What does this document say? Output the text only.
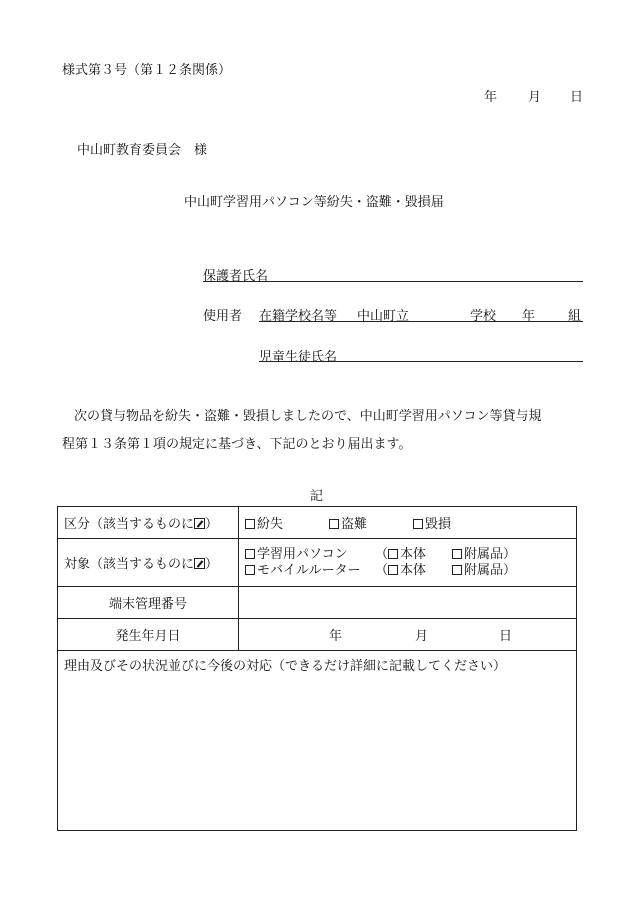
様式第３号（第１２条関係）
年 月 日
中山町教育委員会　様
中山町学習用パソコン等紛失・盗難・毀損届
保護者氏名
使用者 在籍学校名等 中山町立	学校 年	組
児童生徒氏名
次の貸与物品を紛失・盗難・毀損しましたので、中山町学習用パソコン等貸与規
程第１３条第１項の規定に基づき、下記のとおり届出ます。
記
区分（該当するものに ）	紛失 盗難 毀損
対象（該当するものに ）	学習用パソコン　（ 本体 附属品）
モバイルルーター （ 本体 附属品）

端末管理番号	
発生年月日	年 月 日
理由及びその状況並びに今後の対応（できるだけ詳細に記載してください）	
